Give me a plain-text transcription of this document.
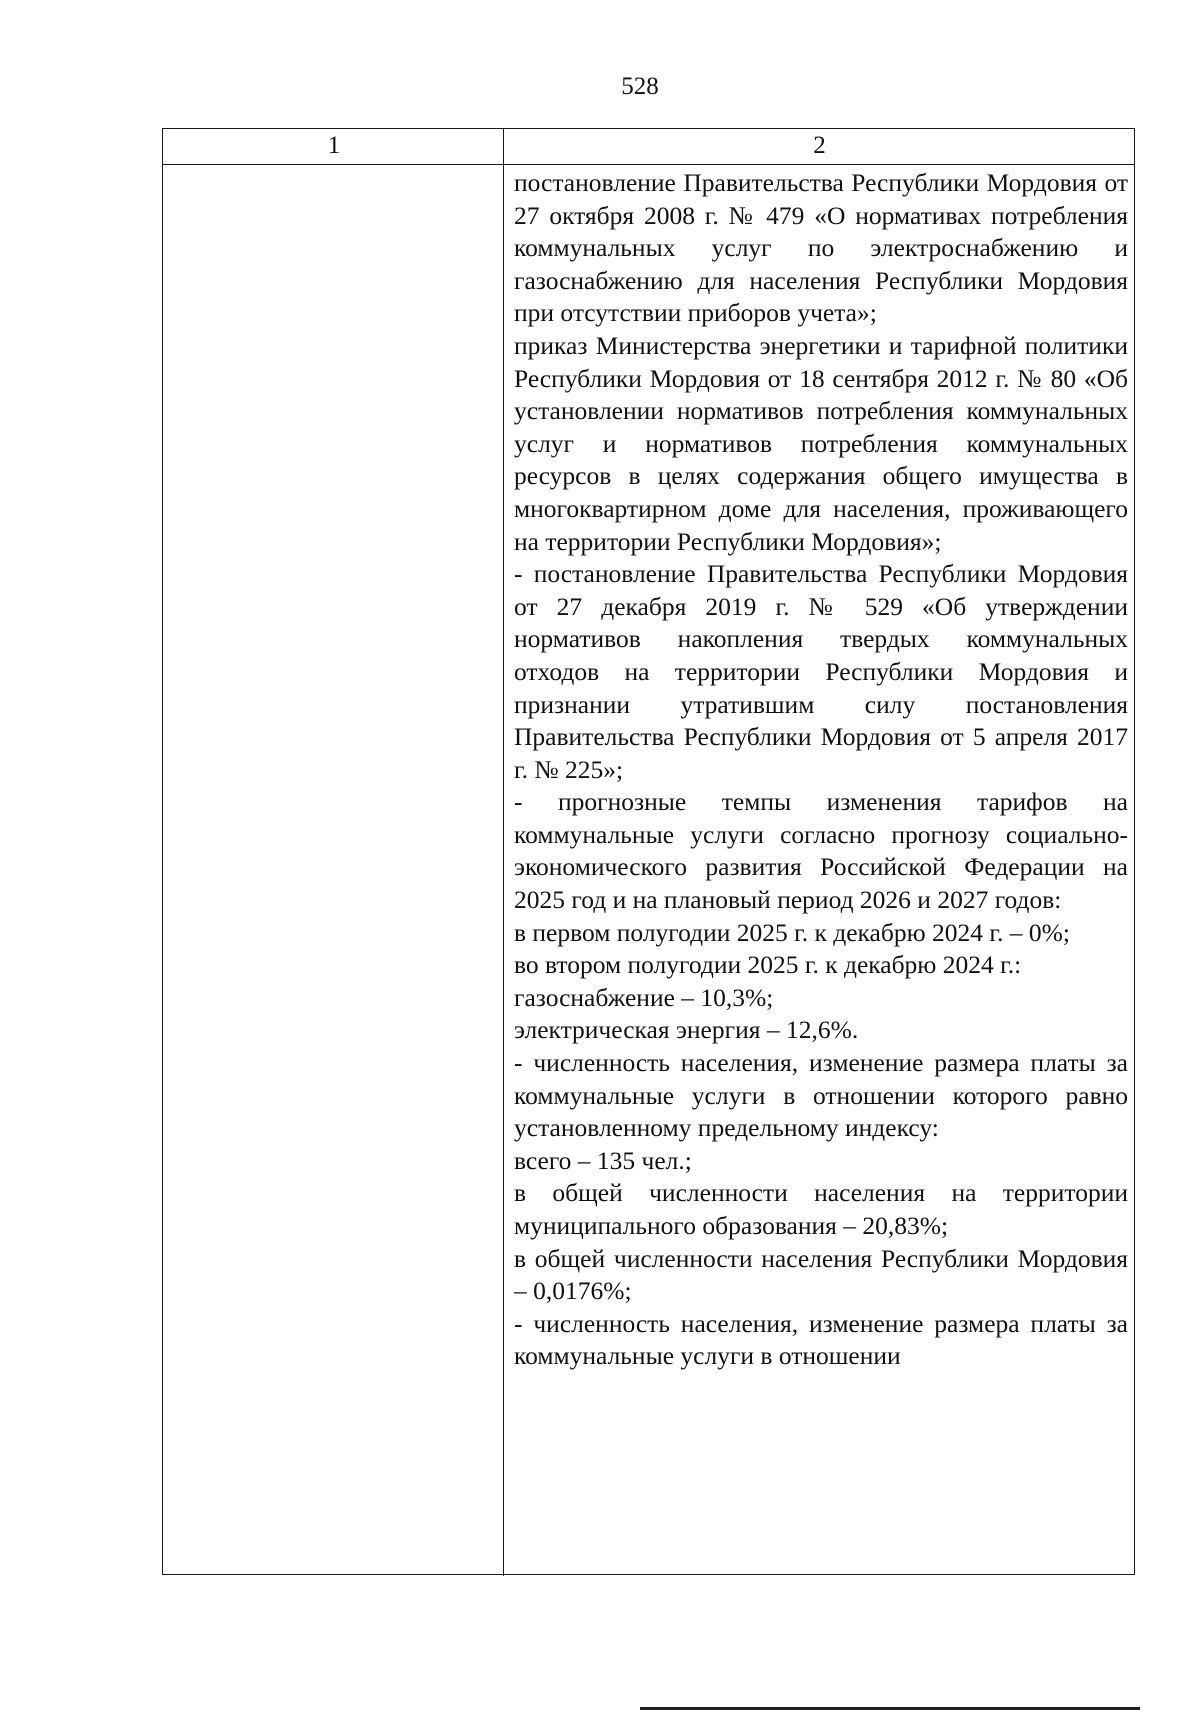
528
1	2

постановление Правительства Республики Мордовия от 27 октября 2008 г. № 479 «О нормативах потребления коммунальных услуг по электроснабжению и газоснабжению для населения Республики Мордовия при отсутствии приборов учета»;

приказ Министерства энергетики и тарифной политики Республики Мордовия от 18 сентября 2012 г. № 80 «Об установлении нормативов потребления коммунальных услуг и нормативов потребления коммунальных ресурсов в целях содержания общего имущества в многоквартирном доме для населения, проживающего на территории Республики Мордовия»;

- постановление Правительства Республики Мордовия от 27 декабря 2019 г. № 529 «Об утверждении нормативов накопления твердых коммунальных отходов на территории Республики Мордовия и признании утратившим силу постановления Правительства Республики Мордовия от 5 апреля 2017 г. № 225»;

- прогнозные темпы изменения тарифов на коммунальные услуги согласно прогнозу социально-экономического развития Российской Федерации на 2025 год и на плановый период 2026 и 2027 годов:

в первом полугодии 2025 г. к декабрю 2024 г. – 0%;

во втором полугодии 2025 г. к декабрю 2024 г.:

газоснабжение – 10,3%;

электрическая энергия – 12,6%.

- численность населения, изменение размера платы за коммунальные услуги в отношении которого равно установленному предельному индексу:

всего – 135 чел.;

в общей численности населения на территории муниципального образования – 20,83%;

в общей численности населения Республики Мордовия – 0,0176%;

- численность населения, изменение размера платы за коммунальные услуги в отношении
